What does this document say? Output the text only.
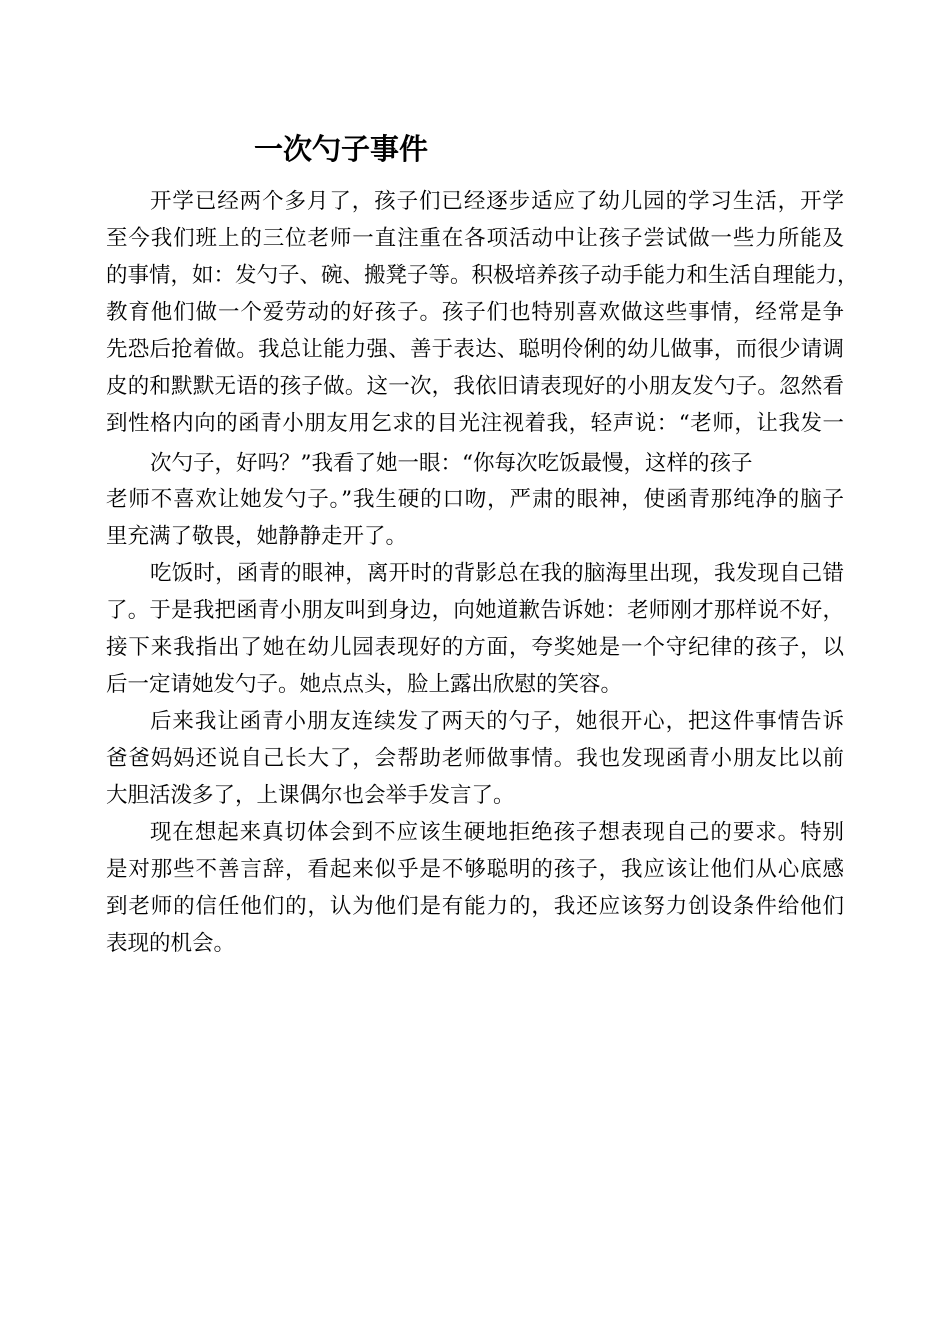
一次勺子事件
开学已经两个多月了，孩子们已经逐步适应了幼儿园的学习生活，开学
至今我们班上的三位老师一直注重在各项活动中让孩子尝试做一些力所能及
的事情，如：发勺子、碗、搬凳子等。积极培养孩子动手能力和生活自理能力，
教育他们做一个爱劳动的好孩子。孩子们也特别喜欢做这些事情，经常是争
先恐后抢着做。我总让能力强、善于表达、聪明伶俐的幼儿做事，而很少请调
皮的和默默无语的孩子做。这一次，我依旧请表现好的小朋友发勺子。忽然看
到性格内向的函青小朋友用乞求的目光注视着我，轻声说：“老师，让我发一
次勺子，好吗？”我看了她一眼：“你每次吃饭最慢，这样的孩子
老师不喜欢让她发勺子。”我生硬的口吻，严肃的眼神，使函青那纯净的脑子
里充满了敬畏，她静静走开了。
吃饭时，函青的眼神，离开时的背影总在我的脑海里出现，我发现自己错
了。于是我把函青小朋友叫到身边，向她道歉告诉她：老师刚才那样说不好，
接下来我指出了她在幼儿园表现好的方面，夸奖她是一个守纪律的孩子，以
后一定请她发勺子。她点点头，脸上露出欣慰的笑容。
后来我让函青小朋友连续发了两天的勺子，她很开心，把这件事情告诉
爸爸妈妈还说自己长大了，会帮助老师做事情。我也发现函青小朋友比以前
大胆活泼多了，上课偶尔也会举手发言了。
现在想起来真切体会到不应该生硬地拒绝孩子想表现自己的要求。特别
是对那些不善言辞，看起来似乎是不够聪明的孩子，我应该让他们从心底感
到老师的信任他们的，认为他们是有能力的，我还应该努力创设条件给他们
表现的机会。
